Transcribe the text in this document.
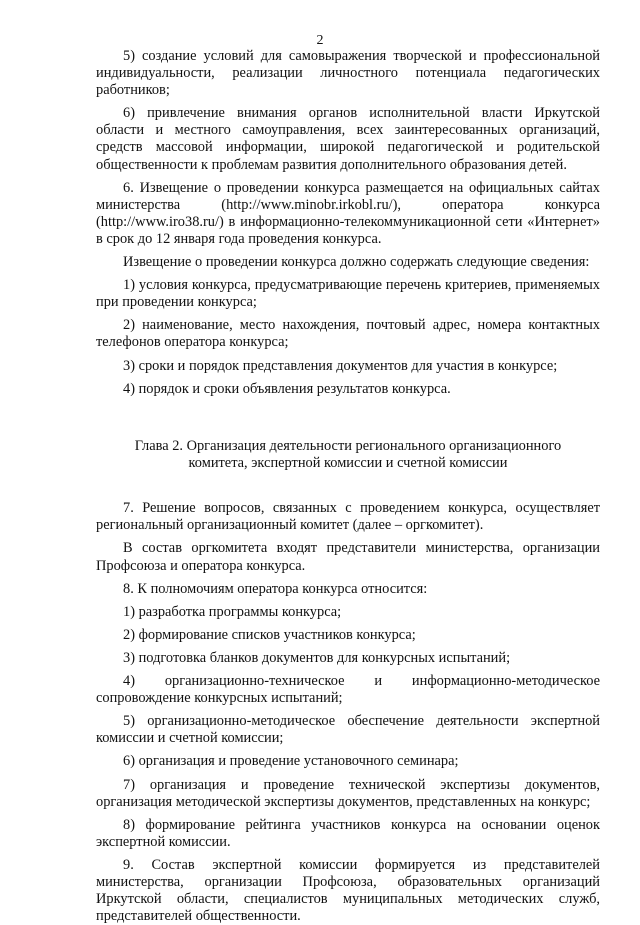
2

5) создание условий для самовыражения творческой и профессиональной индивидуальности, реализации личностного потенциала педагогических работников;

6) привлечение внимания органов исполнительной власти Иркутской области и местного самоуправления, всех заинтересованных организаций, средств массовой информации, широкой педагогической и родительской общественности к проблемам развития дополнительного образования детей.

6. Извещение о проведении конкурса размещается на официальных сайтах министерства (http://www.minobr.irkobl.ru/), оператора конкурса (http://www.iro38.ru/) в информационно-телекоммуникационной сети «Интернет» в срок до 12 января года проведения конкурса.

Извещение о проведении конкурса должно содержать следующие сведения:

1) условия конкурса, предусматривающие перечень критериев, применяемых при проведении конкурса;

2) наименование, место нахождения, почтовый адрес, номера контактных телефонов оператора конкурса;

3) сроки и порядок представления документов для участия в конкурсе;

4) порядок и сроки объявления результатов конкурса.

Глава 2. Организация деятельности регионального организационного
комитета, экспертной комиссии и счетной комиссии

7. Решение вопросов, связанных с проведением конкурса, осуществляет региональный организационный комитет (далее – оргкомитет).

В состав оргкомитета входят представители министерства, организации Профсоюза и оператора конкурса.

8. К полномочиям оператора конкурса относится:

1) разработка программы конкурса;

2) формирование списков участников конкурса;

3) подготовка бланков документов для конкурсных испытаний;

4) организационно-техническое и информационно-методическое сопровождение конкурсных испытаний;

5) организационно-методическое обеспечение деятельности экспертной комиссии и счетной комиссии;

6) организация и проведение установочного семинара;

7) организация и проведение технической экспертизы документов, организация методической экспертизы документов, представленных на конкурс;

8) формирование рейтинга участников конкурса на основании оценок экспертной комиссии.

9. Состав экспертной комиссии формируется из представителей министерства, организации Профсоюза, образовательных организаций Иркутской области, специалистов муниципальных методических служб, представителей общественности.
